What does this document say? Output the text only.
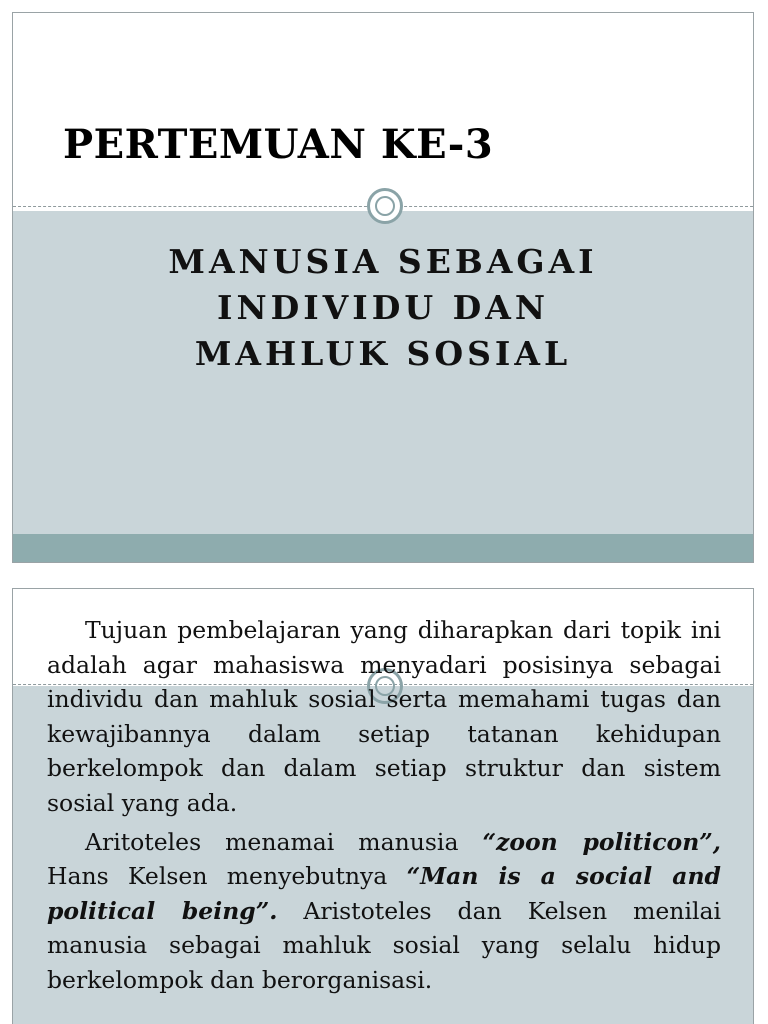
PERTEMUAN KE-3
MANUSIA SEBAGAI
INDIVIDU DAN
MAHLUK SOSIAL

Tujuan pembelajaran yang diharapkan dari topik ini adalah agar mahasiswa menyadari posisinya sebagai individu dan mahluk sosial serta memahami tugas dan kewajibannya dalam setiap tatanan kehidupan berkelompok dan dalam setiap struktur dan sistem sosial yang ada.

Aritoteles menamai manusia “zoon politicon”, Hans Kelsen menyebutnya “Man is a social and political being”. Aristoteles dan Kelsen menilai manusia sebagai mahluk sosial yang selalu hidup berkelompok dan berorganisasi.
